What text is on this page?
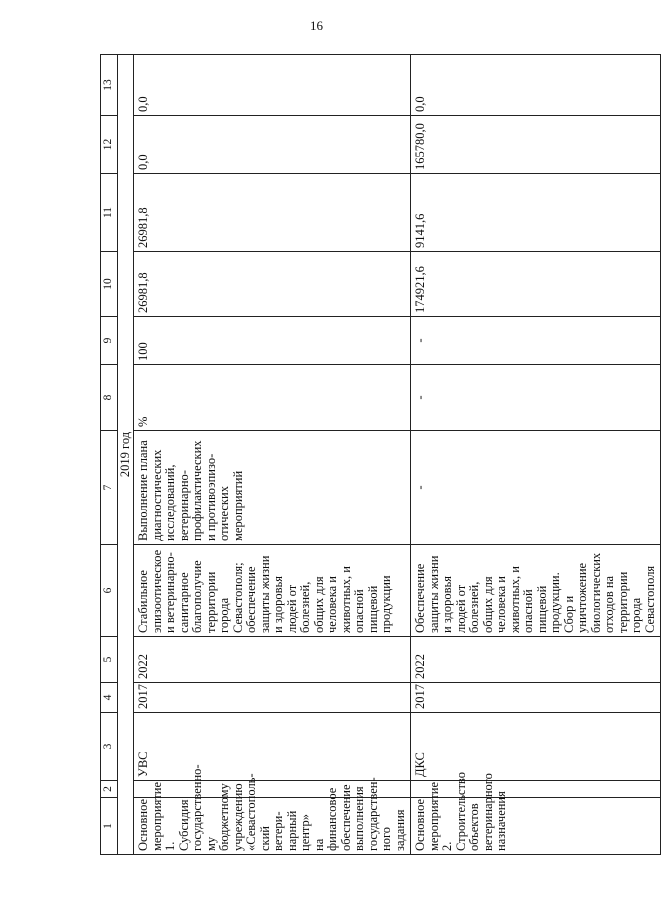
16
1	2	3	4	5	6	7	8	9	10	11	12	13
2019 год												
Основное мероприятие 1. Субсидия государственно-му бюджетному учреждению «Севастополь-ский ветери-нарный центр» на финансовое обеспечение выполнения государствен-ного задания		УВС	2017	2022	Стабильное эпизоотическое и ветеринарно-санитарное благополучие территории города Севастополя; обеспечение защиты жизни и здоровья людей от болезней, общих для человека и животных, и опасной пищевой продукции	Выполнение плана диагностических исследований, ветеринарно-профилактических и противоэпизо-отических мероприятий	%	100	26981,8	26981,8	0,0	0,0
Основное мероприятие 2. Строительство объектов ветеринарного назначения		ДКС	2017	2022	Обеспечение защиты жизни и здоровья людей от болезней, общих для человека и животных, и опасной пищевой продукции. Сбор и уничтожение биологических отходов на территории города Севастополя	-	-	-	174921,6	9141,6	165780,0	0,0
